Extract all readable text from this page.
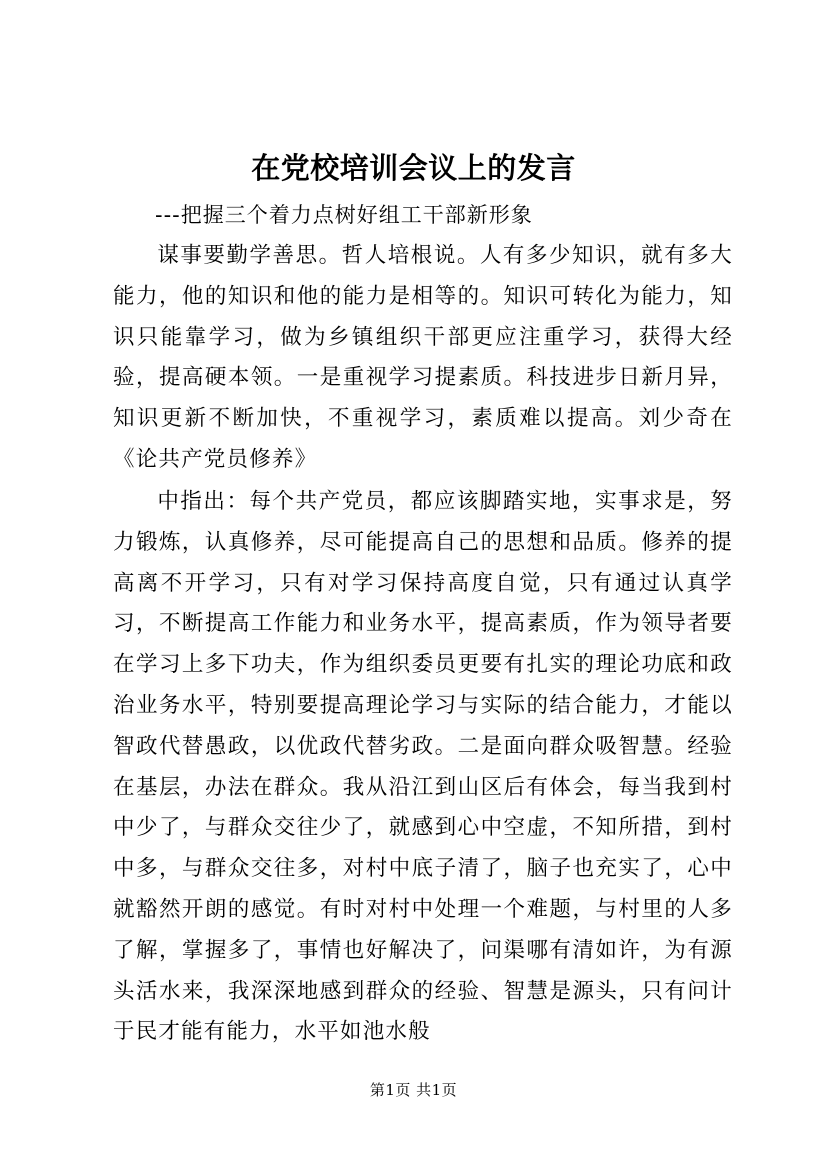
在党校培训会议上的发言
---把握三个着力点树好组工干部新形象

谋事要勤学善思。哲人培根说。人有多少知识，就有多大能力，他的知识和他的能力是相等的。知识可转化为能力，知识只能靠学习，做为乡镇组织干部更应注重学习，获得大经验，提高硬本领。一是重视学习提素质。科技进步日新月异，知识更新不断加快，不重视学习，素质难以提高。刘少奇在《论共产党员修养》

中指出：每个共产党员，都应该脚踏实地，实事求是，努力锻炼，认真修养，尽可能提高自己的思想和品质。修养的提高离不开学习，只有对学习保持高度自觉，只有通过认真学习，不断提高工作能力和业务水平，提高素质，作为领导者要在学习上多下功夫，作为组织委员更要有扎实的理论功底和政治业务水平，特别要提高理论学习与实际的结合能力，才能以智政代替愚政，以优政代替劣政。二是面向群众吸智慧。经验在基层，办法在群众。我从沿江到山区后有体会，每当我到村中少了，与群众交往少了，就感到心中空虚，不知所措，到村中多，与群众交往多，对村中底子清了，脑子也充实了，心中就豁然开朗的感觉。有时对村中处理一个难题，与村里的人多了解，掌握多了，事情也好解决了，问渠哪有清如许，为有源头活水来，我深深地感到群众的经验、智慧是源头，只有问计于民才能有能力，水平如池水般

第1页 共1页
